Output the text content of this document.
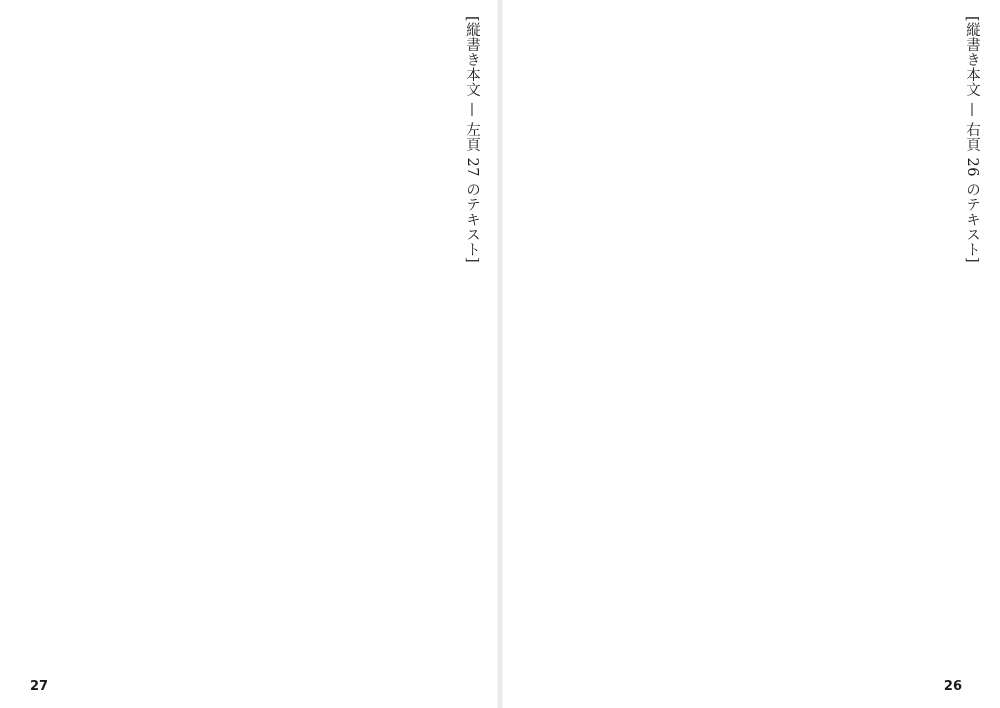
[縦書き本文 — 右頁 26 のテキスト]
26
[縦書き本文 — 左頁 27 のテキスト]
27
